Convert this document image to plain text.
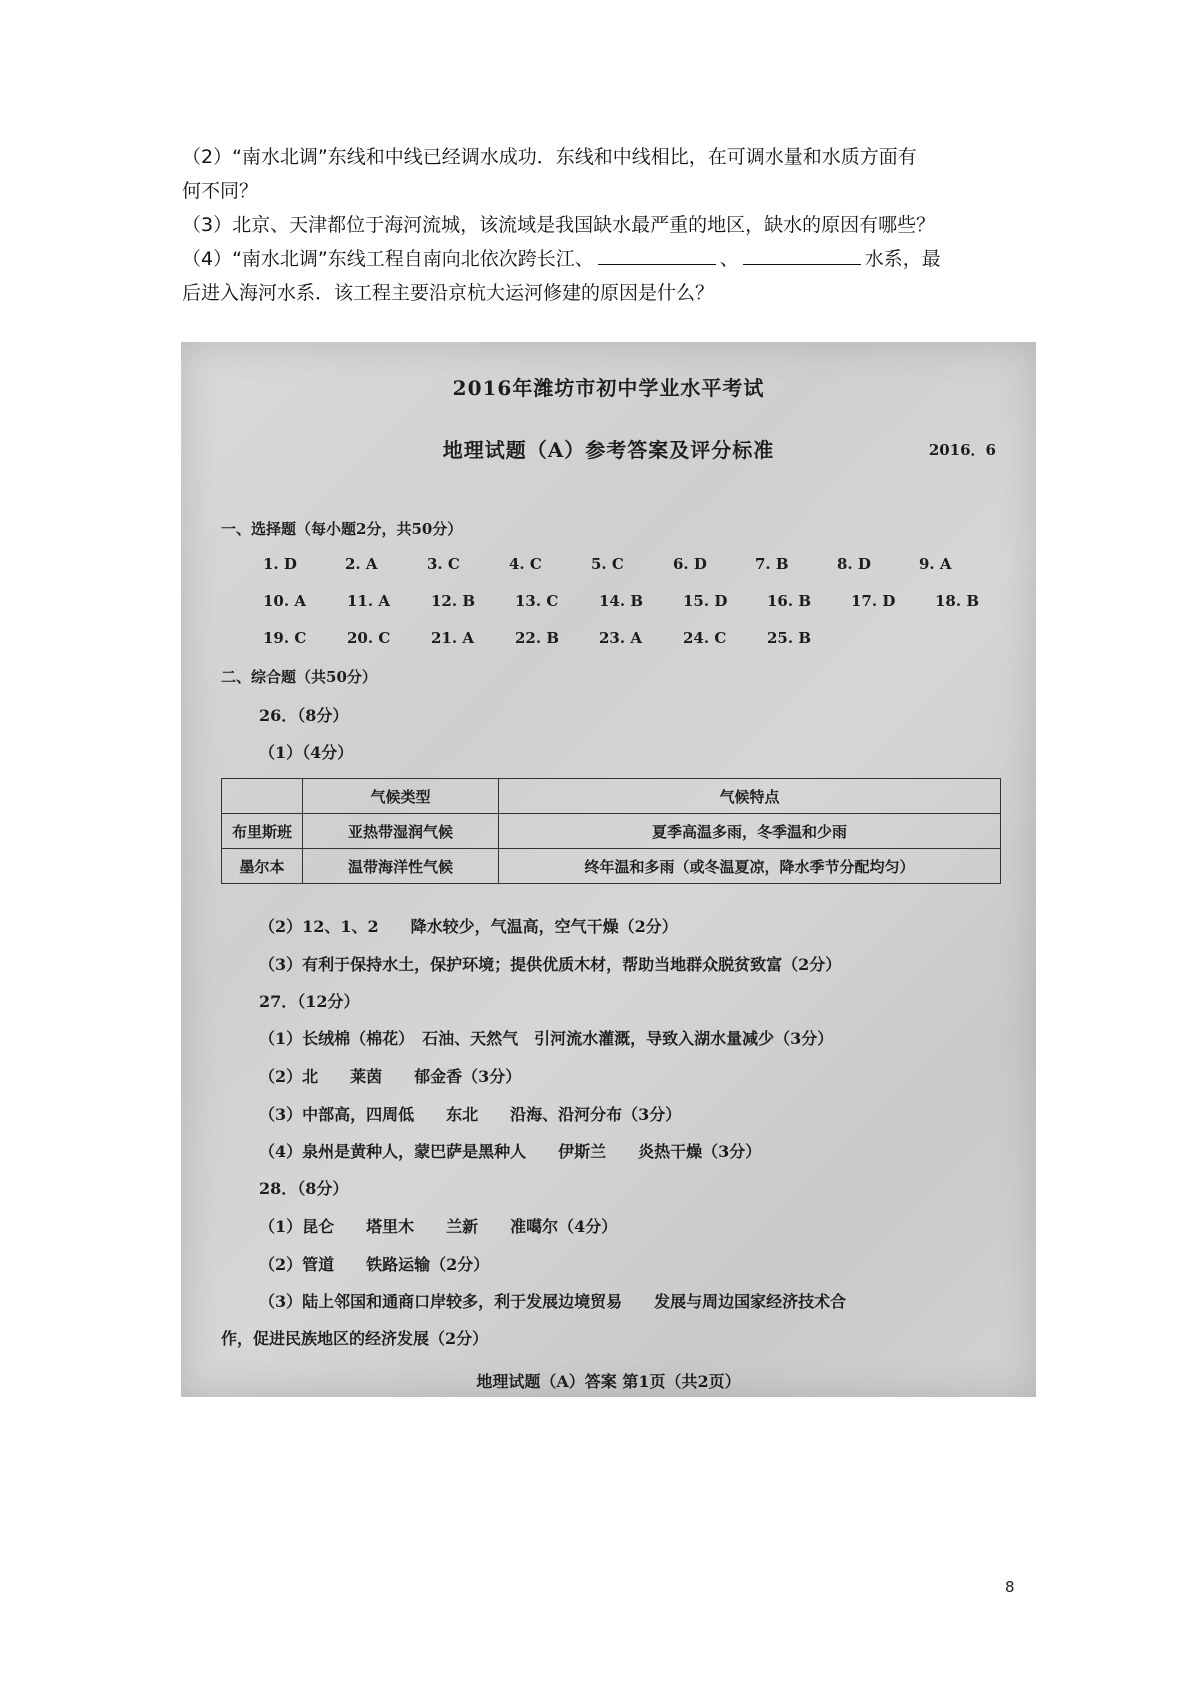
（2）“南水北调”东线和中线已经调水成功．东线和中线相比，在可调水量和水质方面有

何不同？

（3）北京、天津都位于海河流城，该流域是我国缺水最严重的地区，缺水的原因有哪些？

（4）“南水北调”东线工程自南向北依次跨长江、	、	水系，最

后进入海河水系．该工程主要沿京杭大运河修建的原因是什么？

2016年潍坊市初中学业水平考试
地理试题（A）参考答案及评分标准	2016．6
一、选择题（每小题2分，共50分）
1. D	2. A	3. C	4. C	5. C	6. D	7. B	8. D	9. A
10. A	11. A	12. B	13. C	14. B	15. D	16. B	17. D	18. B
19. C	20. C	21. A	22. B	23. A	24. C	25. B
二、综合题（共50分）
26．（8分）
（1）（4分）
	气候类型	气候特点
布里斯班	亚热带湿润气候	夏季高温多雨，冬季温和少雨
墨尔本	温带海洋性气候	终年温和多雨（或冬温夏凉，降水季节分配均匀）
（2）12、1、2　　降水较少，气温高，空气干燥（2分）
（3）有利于保持水土，保护环境；提供优质木材，帮助当地群众脱贫致富（2分）
27．（12分）
（1）长绒棉（棉花）　石油、天然气　引河流水灌溉，导致入湖水量减少（3分）
（2）北　　莱茵　　郁金香（3分）
（3）中部高，四周低　　东北　　沿海、沿河分布（3分）
（4）泉州是黄种人，蒙巴萨是黑种人　　伊斯兰　　炎热干燥（3分）
28．（8分）
（1）昆仑　　塔里木　　兰新　　准噶尔（4分）
（2）管道　　铁路运输（2分）
（3）陆上邻国和通商口岸较多，利于发展边境贸易　　发展与周边国家经济技术合
作，促进民族地区的经济发展（2分）
地理试题（A）答案 第1页（共2页）
8
